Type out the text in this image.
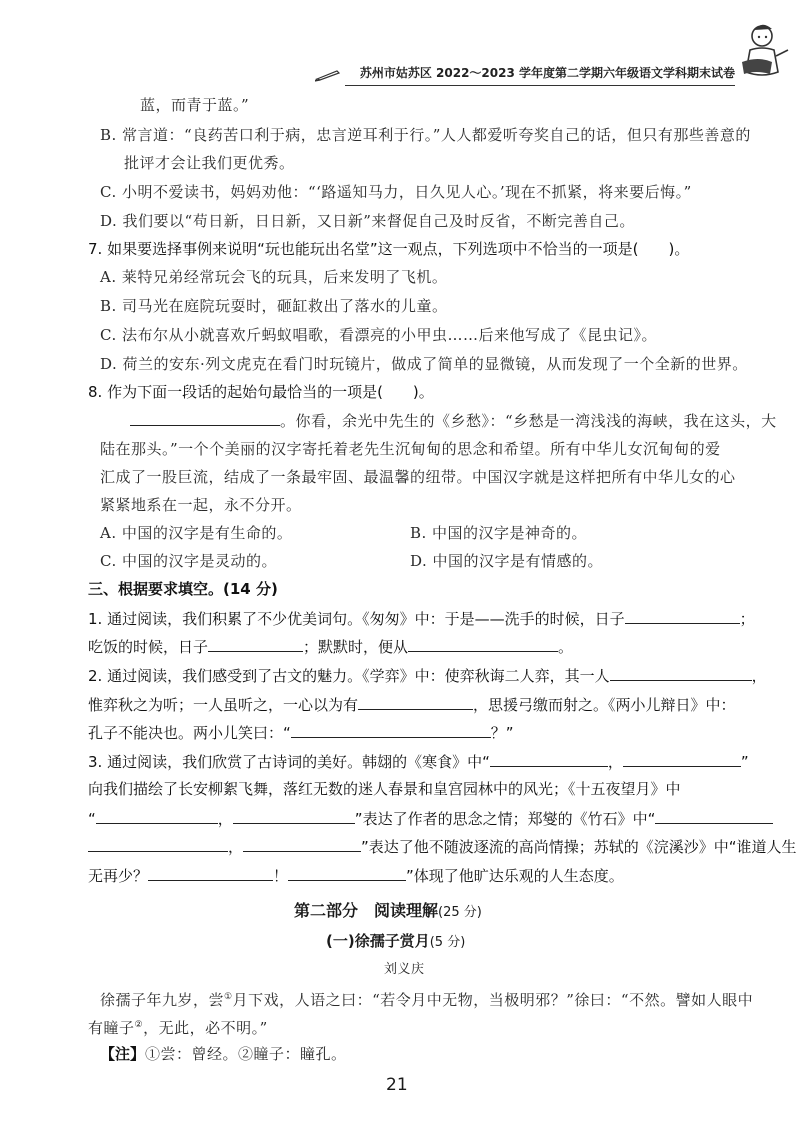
苏州市姑苏区 2022～2023 学年度第二学期六年级语文学科期末试卷
蓝，而青于蓝。”
B. 常言道：“良药苦口利于病，忠言逆耳利于行。”人人都爱听夸奖自己的话，但只有那些善意的
批评才会让我们更优秀。
C. 小明不爱读书，妈妈劝他：“‘路遥知马力，日久见人心。’现在不抓紧，将来要后悔。”
D. 我们要以“苟日新，日日新，又日新”来督促自己及时反省，不断完善自己。
7. 如果要选择事例来说明“玩也能玩出名堂”这一观点，下列选项中不恰当的一项是(　　)。
A. 莱特兄弟经常玩会飞的玩具，后来发明了飞机。
B. 司马光在庭院玩耍时，砸缸救出了落水的儿童。
C. 法布尔从小就喜欢斤蚂蚁唱歌，看漂亮的小甲虫……后来他写成了《昆虫记》。
D. 荷兰的安东·列文虎克在看门时玩镜片，做成了简单的显微镜，从而发现了一个全新的世界。
8. 作为下面一段话的起始句最恰当的一项是(　　)。
。你看，余光中先生的《乡愁》：“乡愁是一湾浅浅的海峡，我在这头，大
陆在那头。”一个个美丽的汉字寄托着老先生沉甸甸的思念和希望。所有中华儿女沉甸甸的爱
汇成了一股巨流，结成了一条最牢固、最温馨的纽带。中国汉字就是这样把所有中华儿女的心
紧紧地系在一起，永不分开。
A. 中国的汉字是有生命的。	B. 中国的汉字是神奇的。
C. 中国的汉字是灵动的。	D. 中国的汉字是有情感的。
三、根据要求填空。(14 分)
1. 通过阅读，我们积累了不少优美词句。《匆匆》中：于是——洗手的时候，日子	；
吃饭的时候，日子	；默默时，便从	。
2. 通过阅读，我们感受到了古文的魅力。《学弈》中：使弈秋诲二人弈，其一人	，
惟弈秋之为听；一人虽听之，一心以为有	，思援弓缴而射之。《两小儿辩日》中：
孔子不能决也。两小儿笑曰：“	？”
3. 通过阅读，我们欣赏了古诗词的美好。韩翃的《寒食》中“	，	”
向我们描绘了长安柳絮飞舞，落红无数的迷人春景和皇宫园林中的风光；《十五夜望月》中
“	，	”表达了作者的思念之情；郑燮的《竹石》中“
，	”表达了他不随波逐流的高尚情操；苏轼的《浣溪沙》中“谁道人生
无再少？	！	”体现了他旷达乐观的人生态度。
第二部分　阅读理解(25 分)
(一)徐孺子赏月(5 分)
刘义庆
徐孺子年九岁，尝①月下戏，人语之曰：“若令月中无物，当极明邪？”徐曰：“不然。譬如人眼中
有瞳子②，无此，必不明。”
【注】①尝：曾经。②瞳子：瞳孔。
21
